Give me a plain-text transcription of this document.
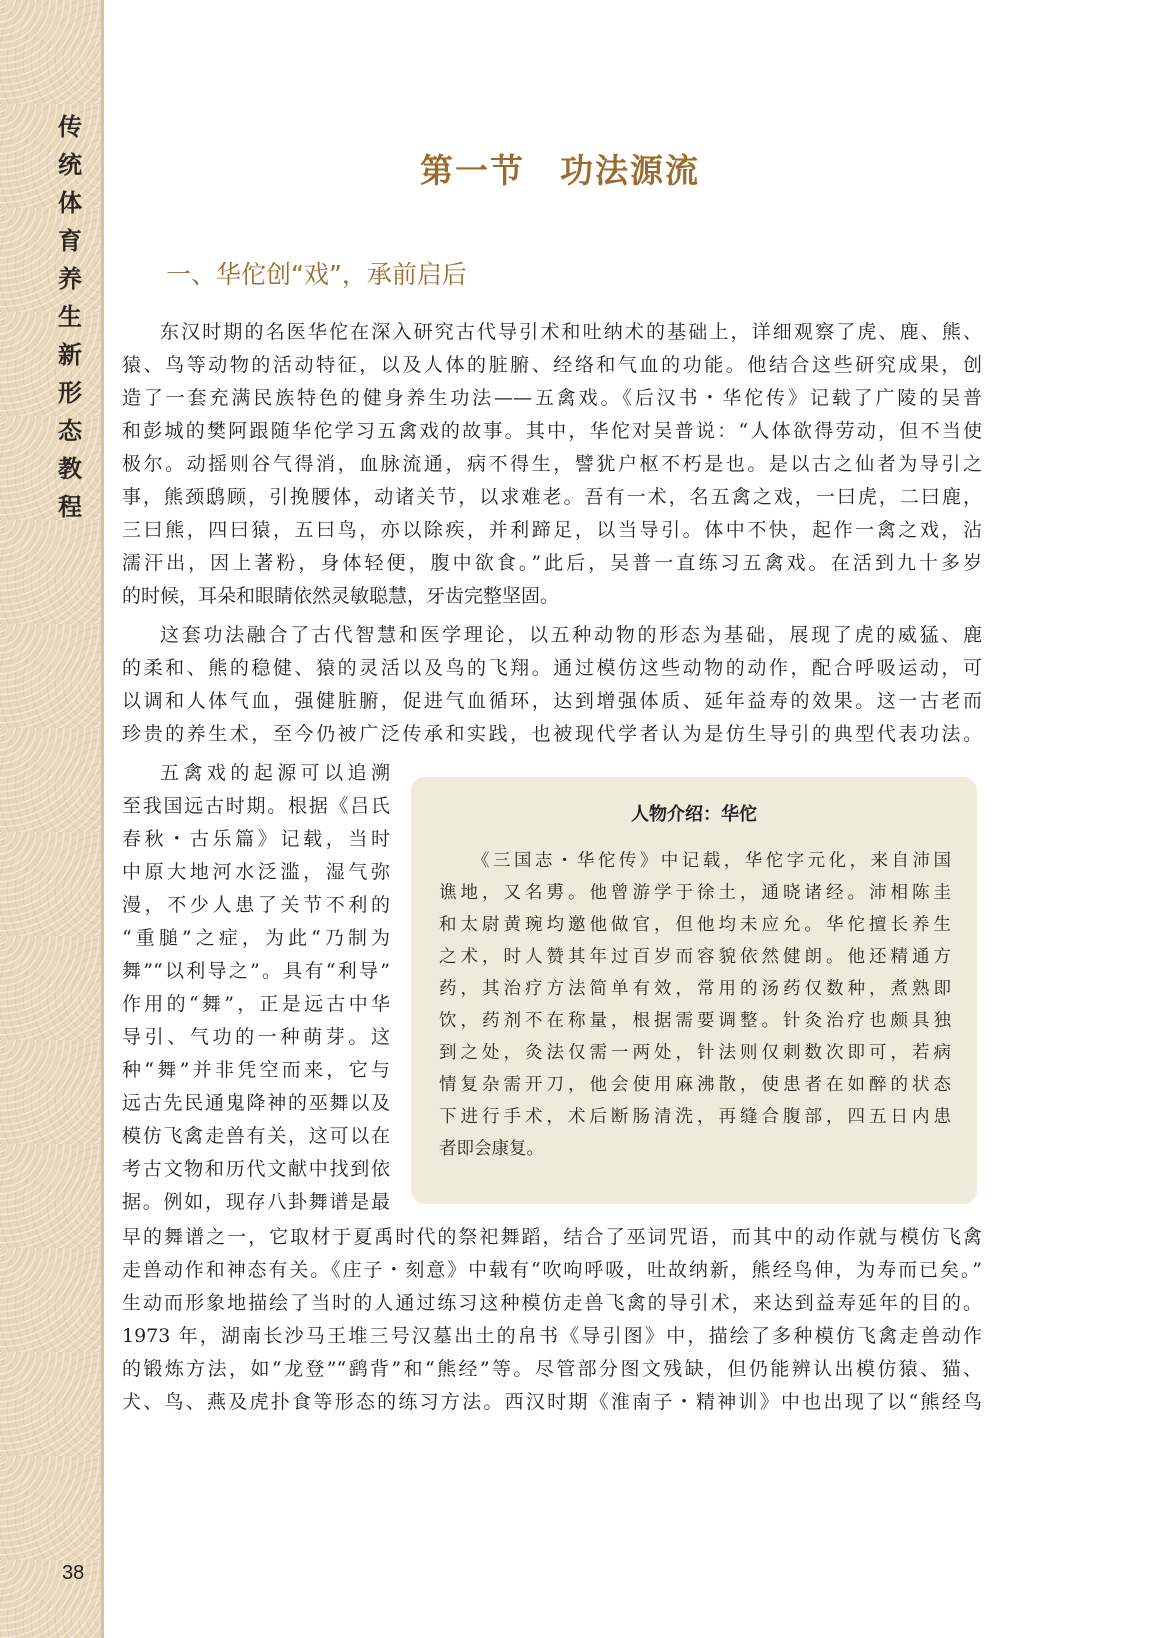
传
统
体
育
养
生
新
形
态
教
程
第一节　功法源流
一、华佗创“戏”，承前启后
东汉时期的名医华佗在深入研究古代导引术和吐纳术的基础上，详细观察了虎、鹿、熊、
猿、鸟等动物的活动特征，以及人体的脏腑、经络和气血的功能。他结合这些研究成果，创
造了一套充满民族特色的健身养生功法——五禽戏。《后汉书・华佗传》记载了广陵的吴普
和彭城的樊阿跟随华佗学习五禽戏的故事。其中，华佗对吴普说：“人体欲得劳动，但不当使
极尔。动摇则谷气得消，血脉流通，病不得生，譬犹户枢不朽是也。是以古之仙者为导引之
事，熊颈鸱顾，引挽腰体，动诸关节，以求难老。吾有一术，名五禽之戏，一曰虎，二曰鹿，
三曰熊，四曰猿，五曰鸟，亦以除疾，并利蹄足，以当导引。体中不快，起作一禽之戏，沾
濡汗出，因上著粉，身体轻便，腹中欲食。”此后，吴普一直练习五禽戏。在活到九十多岁
的时候，耳朵和眼睛依然灵敏聪慧，牙齿完整坚固。
这套功法融合了古代智慧和医学理论，以五种动物的形态为基础，展现了虎的威猛、鹿
的柔和、熊的稳健、猿的灵活以及鸟的飞翔。通过模仿这些动物的动作，配合呼吸运动，可
以调和人体气血，强健脏腑，促进气血循环，达到增强体质、延年益寿的效果。这一古老而
珍贵的养生术，至今仍被广泛传承和实践，也被现代学者认为是仿生导引的典型代表功法。
五禽戏的起源可以追溯
至我国远古时期。根据《吕氏
春秋・古乐篇》记载，当时
中原大地河水泛滥，湿气弥
漫，不少人患了关节不利的
“重膇”之症，为此“乃制为
舞”“以利导之”。具有“利导”
作用的“舞”，正是远古中华
导引、气功的一种萌芽。这
种“舞”并非凭空而来，它与
远古先民通鬼降神的巫舞以及
模仿飞禽走兽有关，这可以在
考古文物和历代文献中找到依
据。例如，现存八卦舞谱是最
人物介绍：华佗
《三国志・华佗传》中记载，华佗字元化，来自沛国
谯地，又名旉。他曾游学于徐土，通晓诸经。沛相陈圭
和太尉黄琬均邀他做官，但他均未应允。华佗擅长养生
之术，时人赞其年过百岁而容貌依然健朗。他还精通方
药，其治疗方法简单有效，常用的汤药仅数种，煮熟即
饮，药剂不在称量，根据需要调整。针灸治疗也颇具独
到之处，灸法仅需一两处，针法则仅刺数次即可，若病
情复杂需开刀，他会使用麻沸散，使患者在如醉的状态
下进行手术，术后断肠清洗，再缝合腹部，四五日内患
者即会康复。
早的舞谱之一，它取材于夏禹时代的祭祀舞蹈，结合了巫词咒语，而其中的动作就与模仿飞禽
走兽动作和神态有关。《庄子・刻意》中载有“吹呴呼吸，吐故纳新，熊经鸟伸，为寿而已矣。”
生动而形象地描绘了当时的人通过练习这种模仿走兽飞禽的导引术，来达到益寿延年的目的。
1973 年，湖南长沙马王堆三号汉墓出土的帛书《导引图》中，描绘了多种模仿飞禽走兽动作
的锻炼方法，如“龙登”“鹞背”和“熊经”等。尽管部分图文残缺，但仍能辨认出模仿猿、猫、
犬、鸟、燕及虎扑食等形态的练习方法。西汉时期《淮南子・精神训》中也出现了以“熊经鸟
38
